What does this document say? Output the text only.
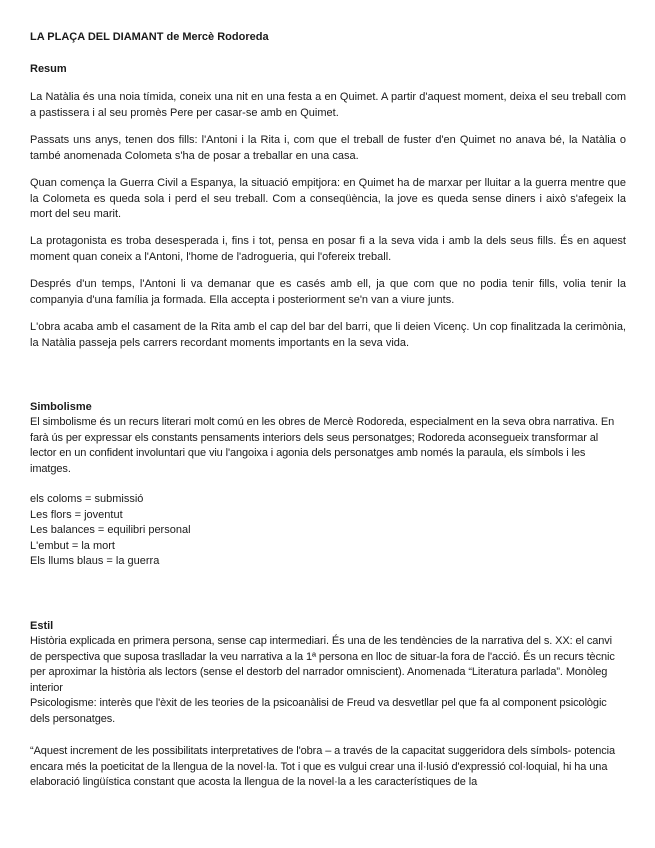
LA PLAÇA DEL DIAMANT de Mercè Rodoreda
Resum

La Natàlia és una noia tímida, coneix una nit en una festa a en Quimet. A partir d'aquest moment, deixa el seu treball com a pastissera i al seu promès Pere per casar-se amb en Quimet.

Passats uns anys, tenen dos fills: l'Antoni i la Rita i, com que el treball de fuster d'en Quimet no anava bé, la Natàlia o també anomenada Colometa s'ha de posar a treballar en una casa.

Quan comença la Guerra Civil a Espanya, la situació empitjora: en Quimet ha de marxar per lluitar a la guerra mentre que la Colometa es queda sola i perd el seu treball. Com a conseqüència, la jove es queda sense diners i això s'afegeix la mort del seu marit.

La protagonista es troba desesperada i, fins i tot, pensa en posar fi a la seva vida i amb la dels seus fills. És en aquest moment quan coneix a l'Antoni, l'home de l'adrogueria, qui l'ofereix treball.

Després d'un temps, l'Antoni li va demanar que es casés amb ell, ja que com que no podia tenir fills, volia tenir la companyia d'una família ja formada. Ella accepta i posteriorment se'n van a viure junts.

L'obra acaba amb el casament de la Rita amb el cap del bar del barri, que li deien Vicenç. Un cop finalitzada la cerimònia, la Natàlia passeja pels carrers recordant moments importants en la seva vida.

Simbolisme

El simbolisme és un recurs literari molt comú en les obres de Mercè Rodoreda, especialment en la seva obra narrativa. En farà ús per expressar els constants pensaments interiors dels seus personatges; Rodoreda aconsegueix transformar al lector en un confident involuntari que viu l'angoixa i agonia dels personatges amb només la paraula, els símbols i les imatges.

els coloms = submissió
Les flors = joventut
Les balances = equilibri personal
L'embut = la mort
Els llums blaus = la guerra
Estil

Història explicada en primera persona, sense cap intermediari. És una de les tendències de la narrativa del s. XX: el canvi de perspectiva que suposa traslladar la veu narrativa a la 1ª persona en lloc de situar-la fora de l'acció. És un recurs tècnic per aproximar la història als lectors (sense el destorb del narrador omniscient). Anomenada “Literatura parlada”. Monòleg interior

Psicologisme: interès que l'èxit de les teories de la psicoanàlisi de Freud va desvetllar pel que fa al component psicològic dels personatges.

“Aquest increment de les possibilitats interpretatives de l'obra – a través de la capacitat suggeridora dels símbols- potencia encara més la poeticitat de la llengua de la novel·la. Tot i que es vulgui crear una il·lusió d'expressió col·loquial, hi ha una elaboració lingüística constant que acosta la llengua de la novel·la a les característiques de la
